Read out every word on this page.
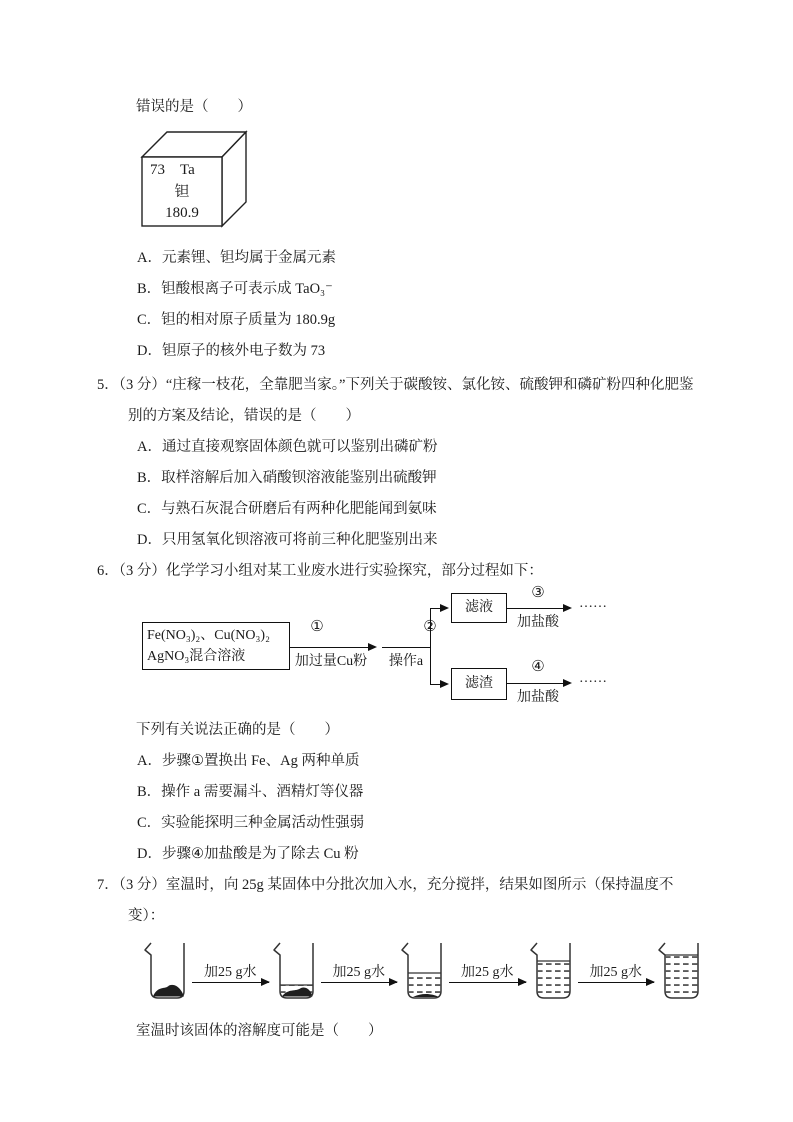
错误的是（　　）

73 Ta
钽
180.9

A．元素锂、钽均属于金属元素

B．钽酸根离子可表示成 TaO₃⁻

C．钽的相对原子质量为 180.9g

D．钽原子的核外电子数为 73

5．（3 分）“庄稼一枝花，全靠肥当家。”下列关于碳酸铵、氯化铵、硫酸钾和磷矿粉四种化肥鉴别的方案及结论，错误的是（　　）

A．通过直接观察固体颜色就可以鉴别出磷矿粉

B．取样溶解后加入硝酸钡溶液能鉴别出硫酸钾

C．与熟石灰混合研磨后有两种化肥能闻到氨味

D．只用氢氧化钡溶液可将前三种化肥鉴别出来

6．（3 分）化学学习小组对某工业废水进行实验探究，部分过程如下：

Fe(NO₃)₂、Cu(NO₃)₂
AgNO₃混合溶液
①
加过量Cu粉
②
操作a
滤液
滤渣
③
加盐酸
……
④
加盐酸
……

下列有关说法正确的是（　　）

A．步骤①置换出 Fe、Ag 两种单质

B．操作 a 需要漏斗、酒精灯等仪器

C．实验能探明三种金属活动性强弱

D．步骤④加盐酸是为了除去 Cu 粉

7．（3 分）室温时，向 25g 某固体中分批次加入水，充分搅拌，结果如图所示（保持温度不变）：

加25 g水	加25 g水	加25 g水	加25 g水

室温时该固体的溶解度可能是（　　）
